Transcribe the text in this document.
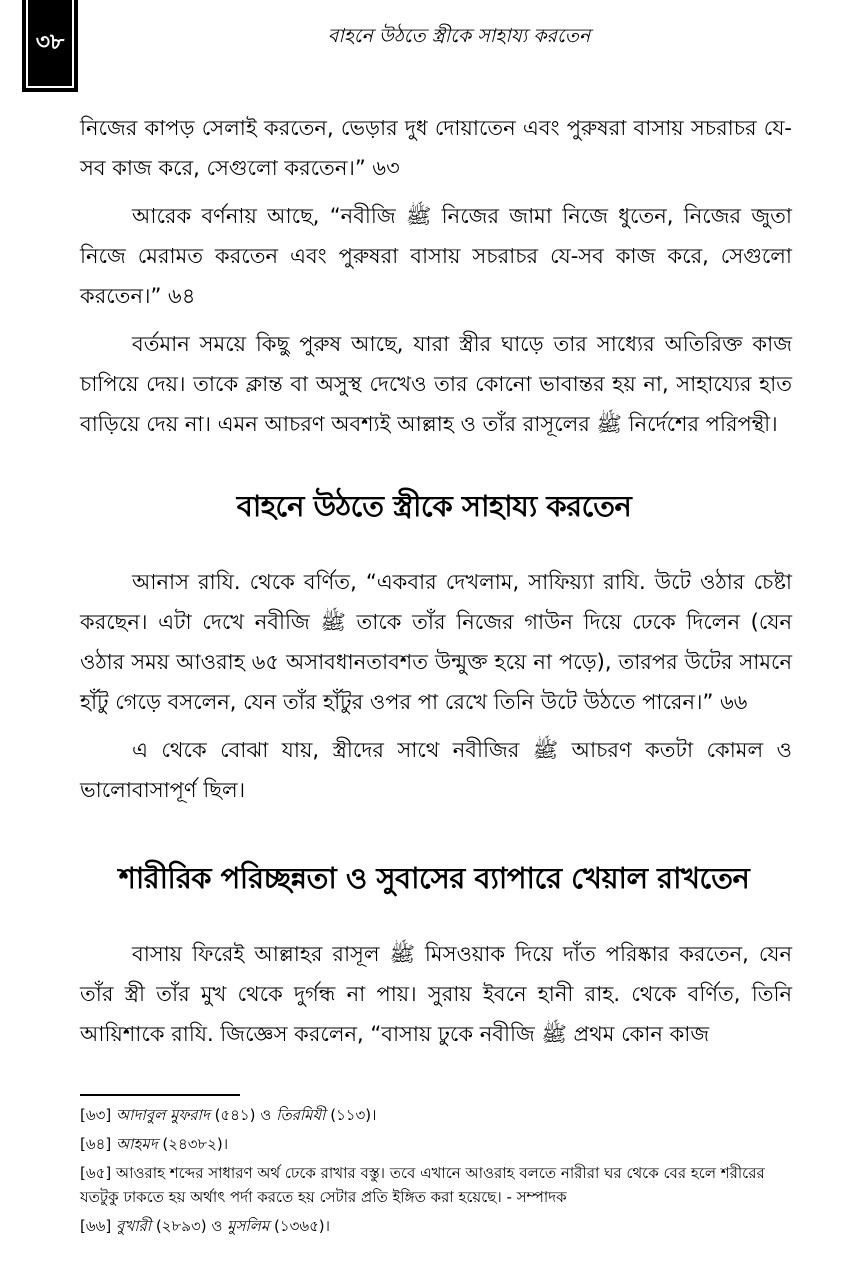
৩৮	বাহনে উঠতে স্ত্রীকে সাহায্য করতেন

নিজের কাপড় সেলাই করতেন, ভেড়ার দুধ দোয়াতেন এবং পুরুষরা বাসায় সচরাচর যে-সব কাজ করে, সেগুলো করতেন।” ৬৩

আরেক বর্ণনায় আছে, “নবীজি ﷺ নিজের জামা নিজে ধুতেন, নিজের জুতা নিজে মেরামত করতেন এবং পুরুষরা বাসায় সচরাচর যে-সব কাজ করে, সেগুলো করতেন।” ৬৪

বর্তমান সময়ে কিছু পুরুষ আছে, যারা স্ত্রীর ঘাড়ে তার সাধ্যের অতিরিক্ত কাজ চাপিয়ে দেয়। তাকে ক্লান্ত বা অসুস্থ দেখেও তার কোনো ভাবান্তর হয় না, সাহায্যের হাত বাড়িয়ে দেয় না। এমন আচরণ অবশ্যই আল্লাহ ও তাঁর রাসূলের ﷺ নির্দেশের পরিপন্থী।

বাহনে উঠতে স্ত্রীকে সাহায্য করতেন

আনাস রাযি. থেকে বর্ণিত, “একবার দেখলাম, সাফিয়্যা রাযি. উটে ওঠার চেষ্টা করছেন। এটা দেখে নবীজি ﷺ তাকে তাঁর নিজের গাউন দিয়ে ঢেকে দিলেন (যেন ওঠার সময় আওরাহ ৬৫ অসাবধানতাবশত উন্মুক্ত হয়ে না পড়ে), তারপর উটের সামনে হাঁটু গেড়ে বসলেন, যেন তাঁর হাঁটুর ওপর পা রেখে তিনি উটে উঠতে পারেন।” ৬৬

এ থেকে বোঝা যায়, স্ত্রীদের সাথে নবীজির ﷺ আচরণ কতটা কোমল ও ভালোবাসাপূর্ণ ছিল।

শারীরিক পরিচ্ছন্নতা ও সুবাসের ব্যাপারে খেয়াল রাখতেন

বাসায় ফিরেই আল্লাহর রাসূল ﷺ মিসওয়াক দিয়ে দাঁত পরিষ্কার করতেন, যেন তাঁর স্ত্রী তাঁর মুখ থেকে দুর্গন্ধ না পায়। সুরায় ইবনে হানী রাহ. থেকে বর্ণিত, তিনি আয়িশাকে রাযি. জিজ্ঞেস করলেন, “বাসায় ঢুকে নবীজি ﷺ প্রথম কোন কাজ

[৬৩] আদাবুল মুফরাদ (৫৪১) ও তিরমিযী (১১৩)।

[৬৪] আহমদ (২৪৩৮২)।

[৬৫] আওরাহ শব্দের সাধারণ অর্থ ঢেকে রাখার বস্তু। তবে এখানে আওরাহ বলতে নারীরা ঘর থেকে বের হলে শরীরের যতটুকু ঢাকতে হয় অর্থাৎ পর্দা করতে হয় সেটার প্রতি ইঙ্গিত করা হয়েছে। - সম্পাদক

[৬৬] বুখারী (২৮৯৩) ও মুসলিম (১৩৬৫)।
